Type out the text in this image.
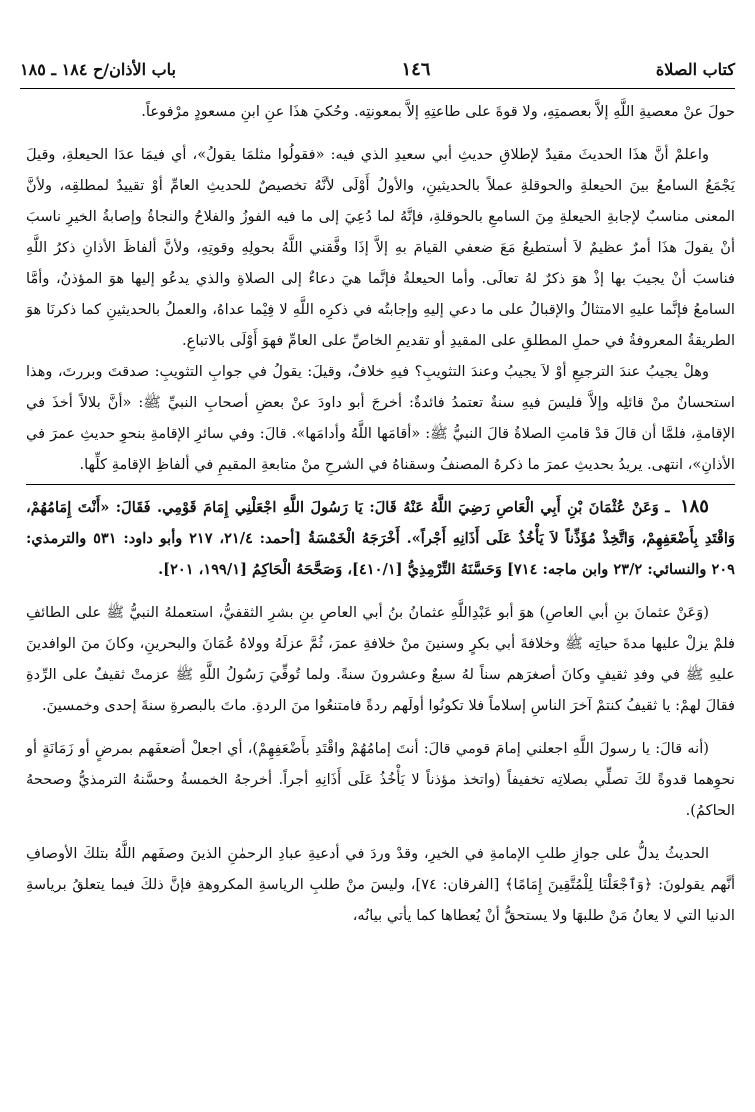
كتاب الصلاة
١٤٦
باب الأذان/ح ١٨٤ ـ ١٨٥

حولَ عنْ معصيةِ اللَّهِ إلاَّ بعصمتِهِ، ولا قوةَ على طاعتِهِ إلاَّ بمعونتِه. وحُكيَ هذَا عنِ ابنِ مسعودٍ مرْفوعاً.

واعلمْ أنَّ هذَا الحديثَ مقيدٌ لإطلاقِ حديثِ أبي سعيدِ الذي فيه: «فقولُوا مثلمَا يقولُ»، أي فيمَا عدَا الحيعلةِ، وقيلَ يَجْمَعُ السامعُ بينَ الحيعلةِ والحوقلةِ عملاً بالحديثينِ، والأولُ أَوْلَى لأنَّهُ تخصيصٌ للحديثِ العامِّ أوْ تقييدٌ لمطلقِه، ولأنَّ المعنى مناسبٌ لإجابةِ الحيعلةِ مِنَ السامعِ بالحوقلةِ، فإنَّهُ لما دُعِيَ إلى ما فيه الفوزُ والفلاحُ والنجاةُ وإصابةُ الخيرِ ناسبَ أنْ يقولَ هذَا أمرٌ عظيمٌ لاَ أستطيعُ مَعَ ضعفي القيامَ بهِ إلاَّ إذَا وفَّقني اللَّهُ بحولِهِ وقوتِهِ، ولأنَّ ألفاظَ الأذانِ ذكرُ اللَّهِ فناسبَ أنْ يجيبَ بها إذْ هوَ ذكرٌ لهُ تعالَى. وأما الحيعلةُ فإنَّما هيَ دعاءٌ إلى الصلاةِ والذي يدعُو إليها هوَ المؤذنُ، وأمَّا السامعُ فإنَّما عليهِ الامتثالُ والإقبالُ على ما دعي إليهِ وإجابتُه في ذكرِه اللَّهِ لا فِيْما عداهُ، والعملُ بالحديثينِ كما ذكرنَا هوَ الطريقةُ المعروفةُ في حملِ المطلقِ على المقيدِ أو تقديمِ الخاصِّ على العامِّ فهوَ أَوْلَى بالاتباعِ.

وهلْ يجيبُ عندَ الترجيعِ أوْ لاَ يجيبُ وعندَ التثويبِ؟ فيهِ خلافٌ، وقيلَ: يقولُ في جوابِ التثويبِ: صدقتَ وبررتَ، وهذا استحسانٌ منْ قائلِه وإلاَّ فليسَ فيهِ سنةٌ تعتمدُ فائدةٌ: أخرجَ أبو داودَ عنْ بعضِ أصحابِ النبيِّ ﷺ: «أنَّ بلالاً أخذَ في الإقامةِ، فلمَّا أن قالَ قدْ قامتِ الصلاةُ قالَ النبيُّ ﷺ: «أقامَها اللَّهُ وأدامَها». قالَ: وفي سائرِ الإقامةِ بنحوِ حديثِ عمرَ في الأذانِ»، انتهى. يريدُ بحديثِ عمرَ ما ذكرهُ المصنفُ وسقناهُ في الشرحِ منْ متابعةِ المقيمِ في ألفاظِ الإقامةِ كلِّها.

١٨٥ ـ وَعَنْ عُثْمَانَ بْنِ أَبِي الْعَاصِ رَضِيَ اللَّهُ عَنْهُ قَالَ: يَا رَسُولَ اللَّهِ اجْعَلْنِي إِمَامَ قَوْمِي. فَقَالَ: «أَنْتَ إِمَامُهُمْ، وَاقْتَدِ بِأَضْعَفِهِمْ، وَاتَّخِذْ مُؤَذِّناً لاَ يَأْخُذُ عَلَى أَذَانِهِ أَجْراً». أَخْرَجَهُ الْخَمْسَةُ [أحمد: ٢١/٤، ٢١٧ وأبو داود: ٥٣١ والترمذي: ٢٠٩ والنسائي: ٢٣/٢ وابن ماجه: ٧١٤] وَحَسَّنَهُ التِّرْمِذِيُّ [٤١٠/١]، وَصَحَّحَهُ الْحَاكِمُ [١٩٩/١، ٢٠١].

(وَعَنْ عثمانَ بنِ أبي العاصِ) هوَ أبو عَبْدِاللَّهِ عثمانُ بنُ أبي العاصِ بنِ بشرِ الثقفيُّ، استعملهُ النبيُّ ﷺ على الطائفِ فلمْ يزلْ عليها مدةَ حياتِه ﷺ وخلافةَ أبي بكرٍ وسنينَ منْ خلافةِ عمرَ، ثُمَّ عزلَهُ وولاهُ عُمَانَ والبحرينِ، وكانَ منَ الوافدينَ عليهِ ﷺ في وفدِ ثقيفٍ وكانَ أصغرَهم سناً لهُ سبعٌ وعشرونَ سنةً. ولما تُوفِّيَ رَسُولُ اللَّهِ ﷺ عزمتْ ثقيفٌ على الرِّدةِ فقالَ لهمْ: يا ثقيفُ كنتمْ آخرَ الناسِ إسلاماً فلا تكونُوا أولَهم ردةً فامتنعُوا منَ الردةِ. ماتَ بالبصرةِ سنةَ إحدى وخمسينَ.

(أنه قالَ: يا رسولَ اللَّهِ اجعلني إمامَ قومي قالَ: أنتَ إمامُهُمْ واقْتَدِ بأَضْعَفِهِمْ)، أي اجعلْ أضعفَهم بمرضٍ أو زَمَانَةٍ أو نحوِهما قدوةً لكَ تصلِّي بصلاتِه تخفيفاً (واتخذ مؤذناً لا يَأْخُذُ عَلَى أَذَانِهِ أجراً. أخرجهُ الخمسةُ وحسَّنهُ الترمذيُّ وصححهُ الحاكمُ).

الحديثُ يدلُّ على جوازِ طلبِ الإمامةِ في الخيرِ، وقدْ وردَ في أدعيةِ عبادِ الرحمٰنِ الذينَ وصفَهم اللَّهُ بتلكَ الأوصافِ أنَّهم يقولونَ: ﴿وَٱجْعَلْنَا لِلْمُتَّقِينَ إِمَامًا﴾ [الفرقان: ٧٤]، وليسَ منْ طلبِ الرياسةِ المكروهةِ فإنَّ ذلكَ فيما يتعلقُ برياسةِ الدنيا التي لا يعانُ مَنْ طلبهَا ولا يستحقُّ أنْ يُعطاها كما يأتي بيانُه،
